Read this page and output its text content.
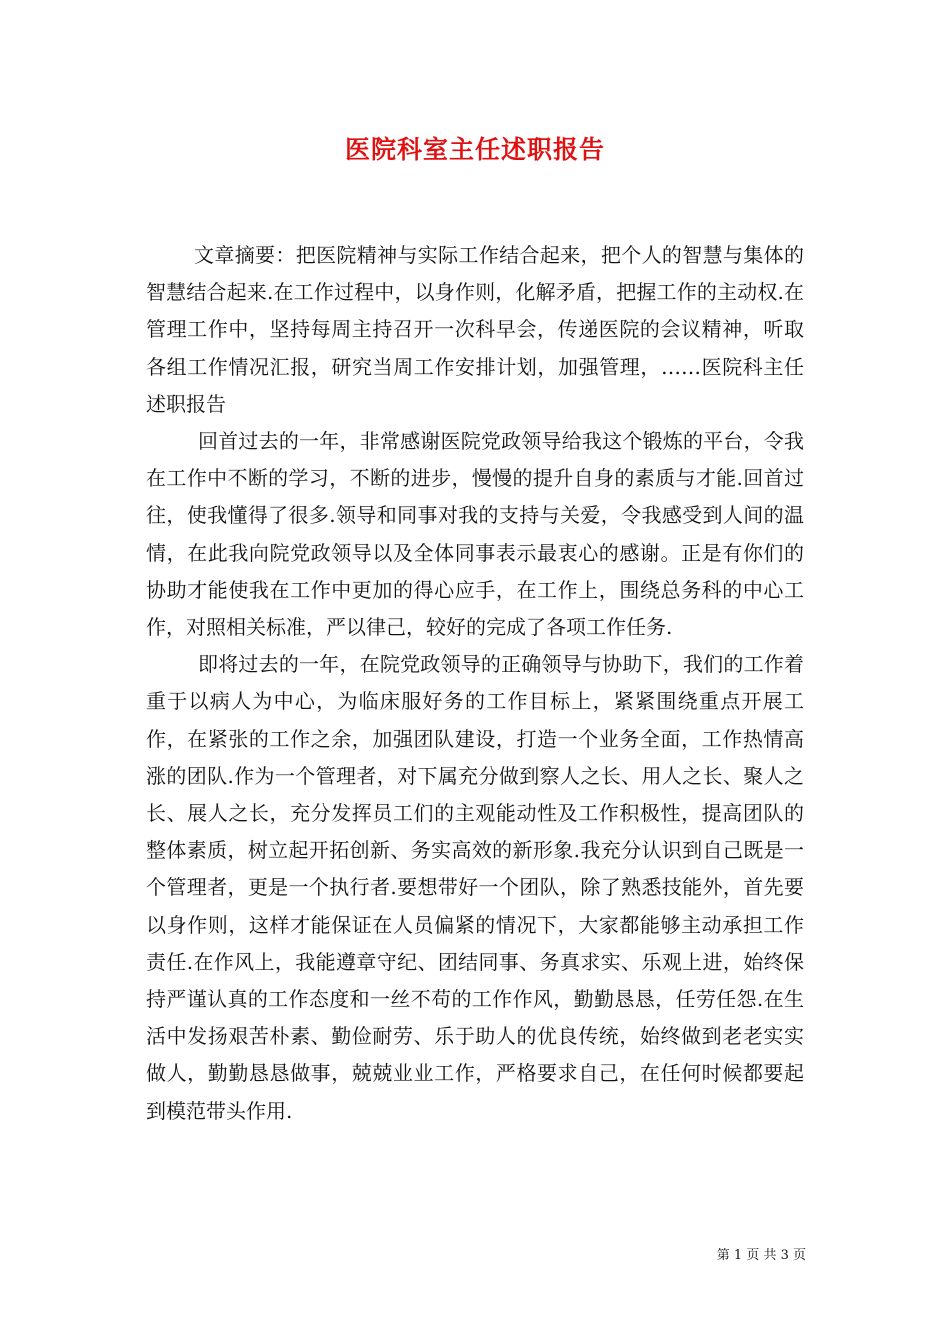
医院科室主任述职报告

文章摘要：把医院精神与实际工作结合起来，把个人的智慧与集体的智慧结合起来.在工作过程中，以身作则，化解矛盾，把握工作的主动权.在管理工作中，坚持每周主持召开一次科早会，传递医院的会议精神，听取各组工作情况汇报，研究当周工作安排计划，加强管理，……医院科主任述职报告

回首过去的一年，非常感谢医院党政领导给我这个锻炼的平台，令我在工作中不断的学习，不断的进步，慢慢的提升自身的素质与才能.回首过往，使我懂得了很多.领导和同事对我的支持与关爱，令我感受到人间的温情，在此我向院党政领导以及全体同事表示最衷心的感谢。正是有你们的协助才能使我在工作中更加的得心应手，在工作上，围绕总务科的中心工作，对照相关标准，严以律己，较好的完成了各项工作任务.

即将过去的一年，在院党政领导的正确领导与协助下，我们的工作着重于以病人为中心，为临床服好务的工作目标上，紧紧围绕重点开展工作，在紧张的工作之余，加强团队建设，打造一个业务全面，工作热情高涨的团队.作为一个管理者，对下属充分做到察人之长、用人之长、聚人之长、展人之长，充分发挥员工们的主观能动性及工作积极性，提高团队的整体素质，树立起开拓创新、务实高效的新形象.我充分认识到自己既是一个管理者，更是一个执行者.要想带好一个团队，除了熟悉技能外，首先要以身作则，这样才能保证在人员偏紧的情况下，大家都能够主动承担工作责任.在作风上，我能遵章守纪、团结同事、务真求实、乐观上进，始终保持严谨认真的工作态度和一丝不苟的工作作风，勤勤恳恳，任劳任怨.在生活中发扬艰苦朴素、勤俭耐劳、乐于助人的优良传统，始终做到老老实实做人，勤勤恳恳做事，兢兢业业工作，严格要求自己，在任何时候都要起到模范带头作用.

第 1 页 共 3 页
